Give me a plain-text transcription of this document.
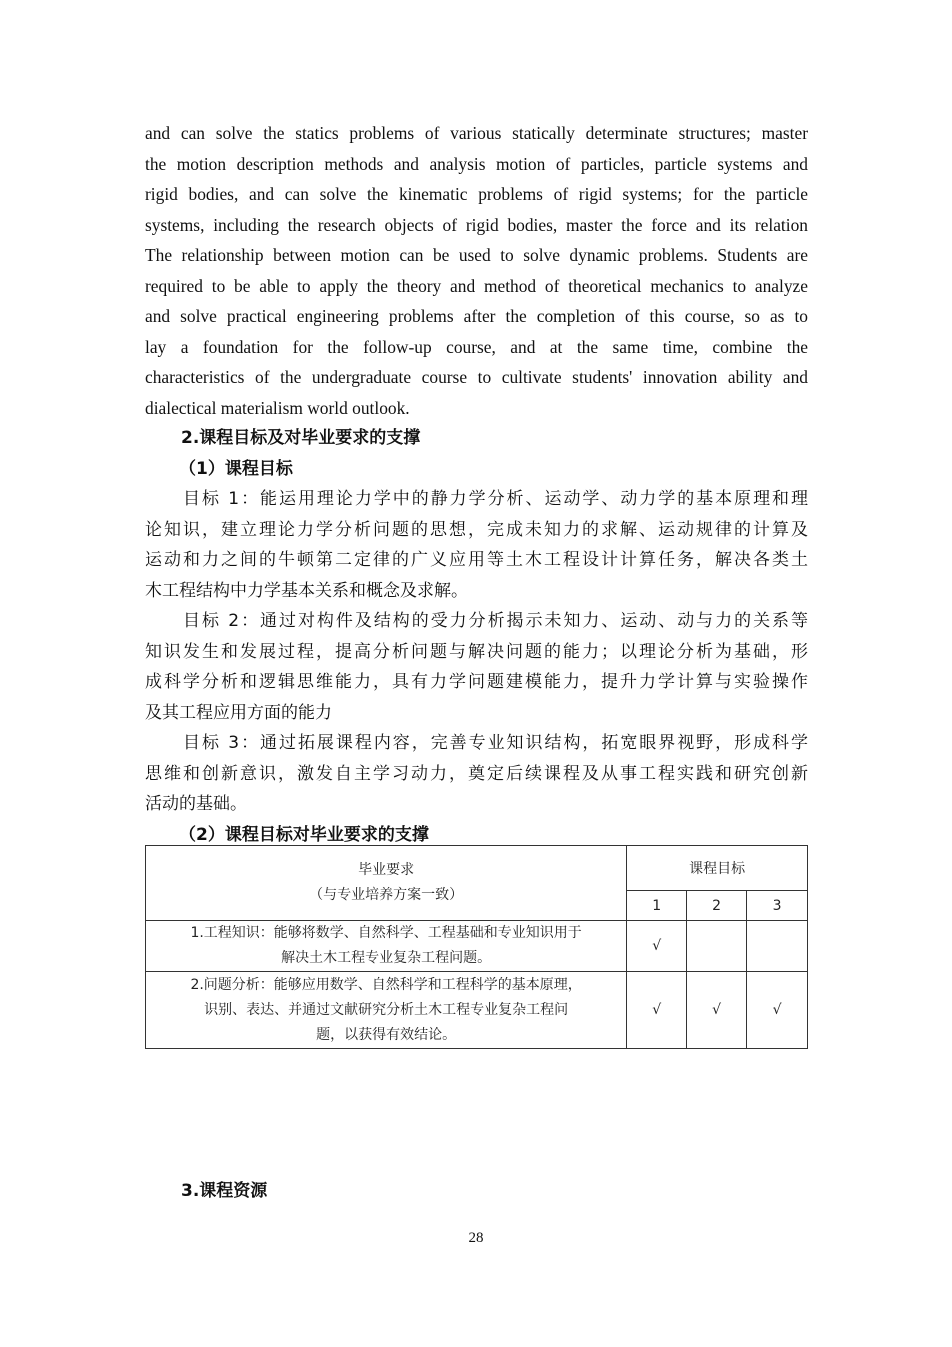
and can solve the statics problems of various statically determinate structures; master
the motion description methods and analysis motion of particles, particle systems and
rigid bodies, and can solve the kinematic problems of rigid systems; for the particle
systems, including the research objects of rigid bodies, master the force and its relation
The relationship between motion can be used to solve dynamic problems. Students are
required to be able to apply the theory and method of theoretical mechanics to analyze
and solve practical engineering problems after the completion of this course, so as to
lay a foundation for the follow-up course, and at the same time, combine the
characteristics of the undergraduate course to cultivate students' innovation ability and
dialectical materialism world outlook.

2.课程目标及对毕业要求的支撑

（1）课程目标

目标 1：能运用理论力学中的静力学分析、运动学、动力学的基本原理和理
论知识，建立理论力学分析问题的思想，完成未知力的求解、运动规律的计算及
运动和力之间的牛顿第二定律的广义应用等土木工程设计计算任务，解决各类土
木工程结构中力学基本关系和概念及求解。

目标 2：通过对构件及结构的受力分析揭示未知力、运动、动与力的关系等
知识发生和发展过程，提高分析问题与解决问题的能力；以理论分析为基础，形
成科学分析和逻辑思维能力，具有力学问题建模能力，提升力学计算与实验操作
及其工程应用方面的能力

目标 3：通过拓展课程内容，完善专业知识结构，拓宽眼界视野，形成科学
思维和创新意识，激发自主学习动力，奠定后续课程及从事工程实践和研究创新
活动的基础。

（2）课程目标对毕业要求的支撑

毕业要求
（与专业培养方案一致）	课程目标		
	1	2	3

1.工程知识：能够将数学、自然科学、工程基础和专业知识用于
解决土木工程专业复杂工程问题。	√		

2.问题分析：能够应用数学、自然科学和工程科学的基本原理，
识别、表达、并通过文献研究分析土木工程专业复杂工程问
题，以获得有效结论。	√	√	√

3.课程资源

28
